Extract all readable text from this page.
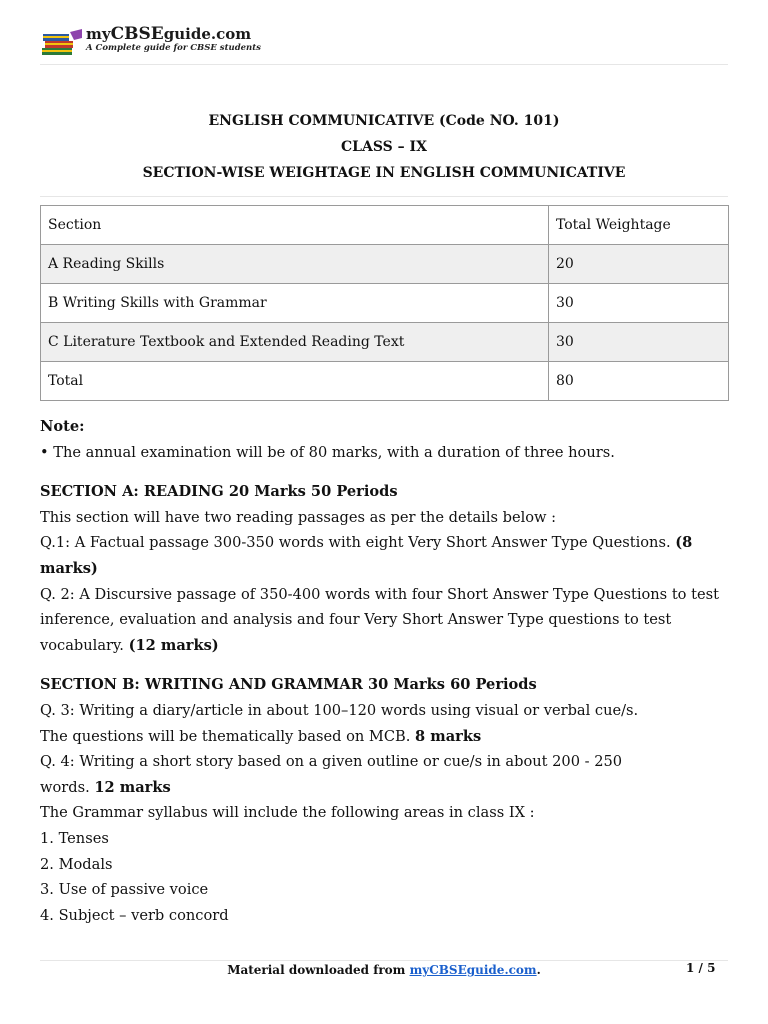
myCBSEguide.com
A Complete guide for CBSE students
ENGLISH COMMUNICATIVE (Code NO. 101)
CLASS – IX
SECTION-WISE WEIGHTAGE IN ENGLISH COMMUNICATIVE
Section	Total Weightage
A Reading Skills	20
B Writing Skills with Grammar	30
C Literature Textbook and Extended Reading Text	30
Total	80

Note:

• The annual examination will be of 80 marks, with a duration of three hours.

SECTION A: READING 20 Marks 50 Periods

This section will have two reading passages as per the details below :

Q.1: A Factual passage 300-350 words with eight Very Short Answer Type Questions. (8 marks)

Q. 2: A Discursive passage of 350-400 words with four Short Answer Type Questions to test inference, evaluation and analysis and four Very Short Answer Type questions to test vocabulary. (12 marks)

SECTION B: WRITING AND GRAMMAR 30 Marks 60 Periods

Q. 3: Writing a diary/article in about 100–120 words using visual or verbal cue/s.

The questions will be thematically based on MCB. 8 marks

Q. 4: Writing a short story based on a given outline or cue/s in about 200 - 250

words. 12 marks

The Grammar syllabus will include the following areas in class IX :

1. Tenses

2. Modals

3. Use of passive voice

4. Subject – verb concord

Material downloaded from myCBSEguide.com.	1 / 5
